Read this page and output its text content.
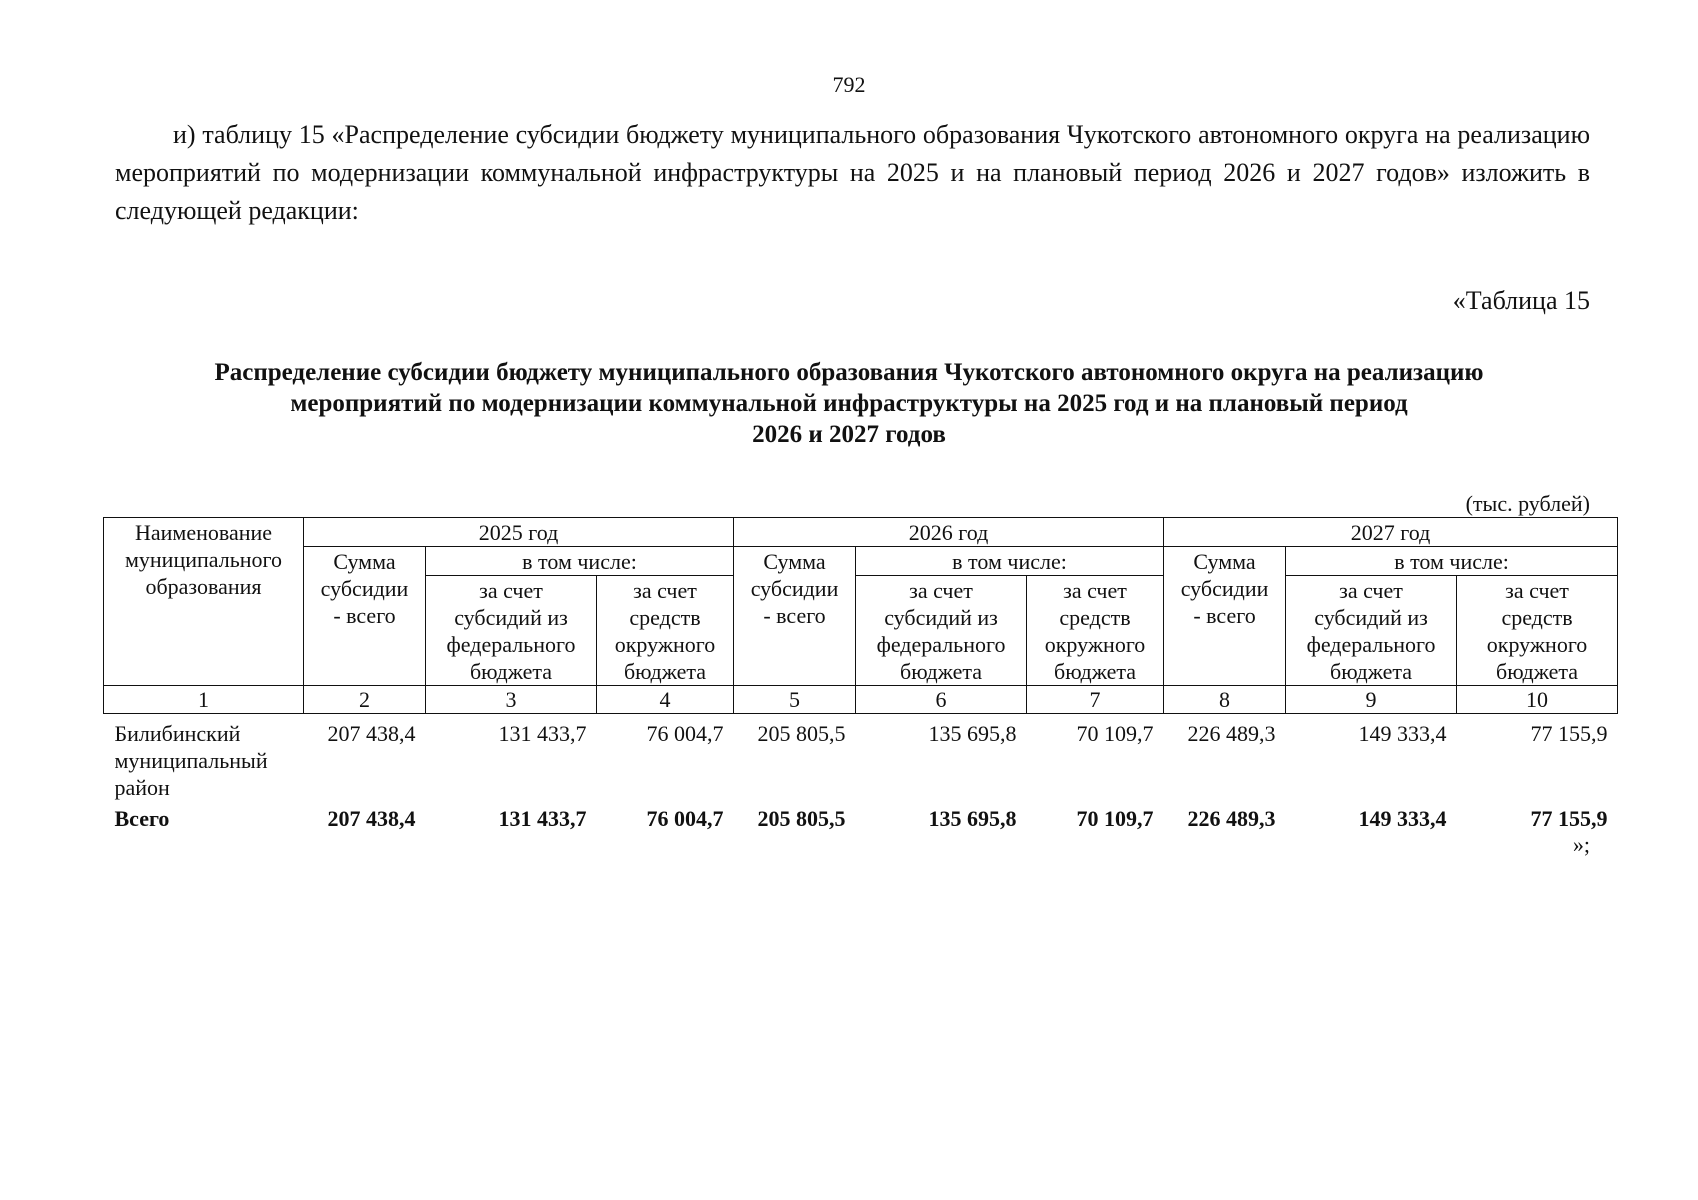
792

и) таблицу 15 «Распределение субсидии бюджету муниципального образования Чукотского автономного округа на реализацию мероприятий по модернизации коммунальной инфраструктуры на 2025 и на плановый период 2026 и 2027 годов» изложить в следующей редакции:

«Таблица 15

Распределение субсидии бюджету муниципального образования Чукотского автономного округа на реализацию
мероприятий по модернизации коммунальной инфраструктуры на 2025 год и на плановый период
2026 и 2027 годов

(тыс. рублей)
Наименование
муниципального
образования	2025 год			2026 год			2027 год		
	Сумма
субсидии
- всего	в том числе:		Сумма
субсидии
- всего	в том числе:		Сумма
субсидии
- всего	в том числе:	
		за счет
субсидий из
федерального
бюджета	за счет
средств
окружного
бюджета		за счет
субсидий из
федерального
бюджета	за счет
средств
окружного
бюджета		за счет
субсидий из
федерального
бюджета	за счет
средств
окружного
бюджета
1	2	3	4	5	6	7	8	9	10
Билибинский
муниципальный
район	207 438,4	131 433,7	76 004,7	205 805,5	135 695,8	70 109,7	226 489,3	149 333,4	77 155,9
Всего	207 438,4	131 433,7	76 004,7	205 805,5	135 695,8	70 109,7	226 489,3	149 333,4	77 155,9
»;
